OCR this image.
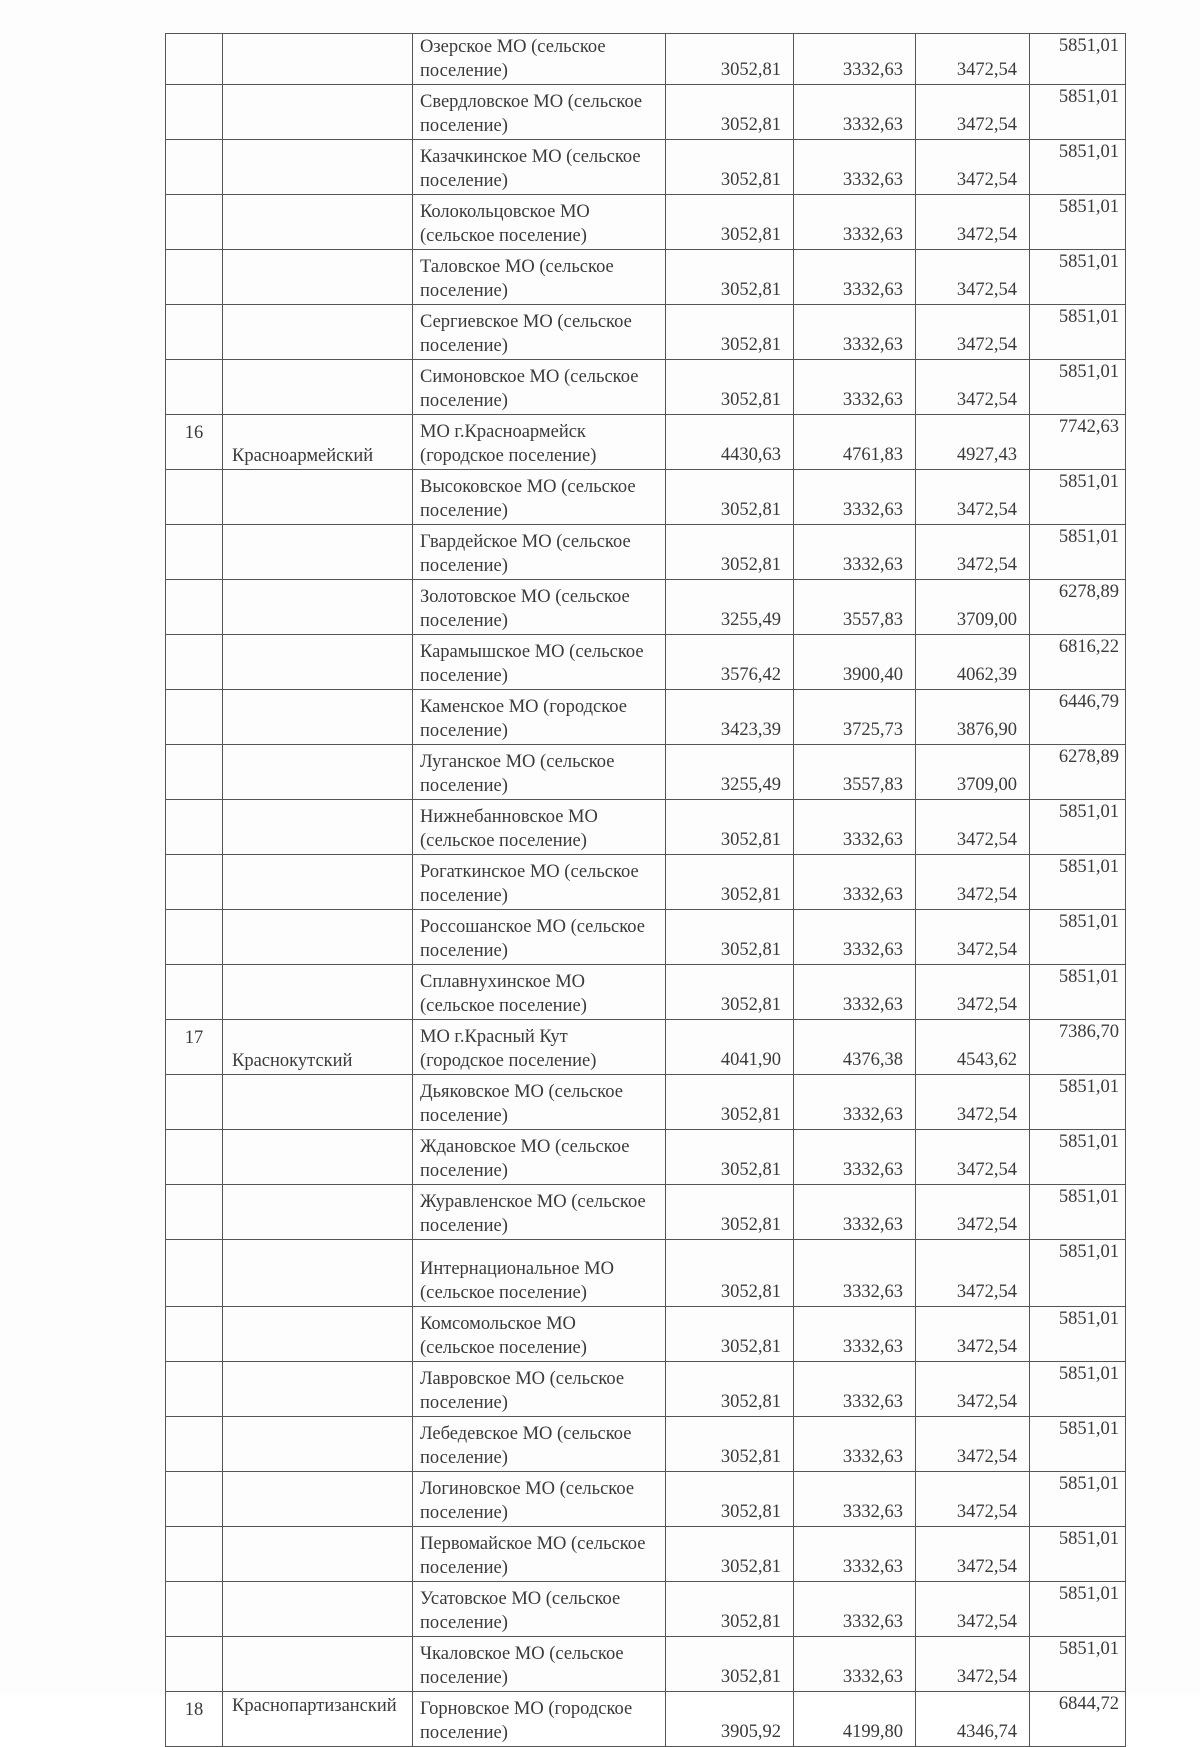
		Озерское МО (сельское поселение)	3052,81	3332,63	3472,54	5851,01

		Свердловское МО (сельское поселение)	3052,81	3332,63	3472,54	5851,01

		Казачкинское МО (сельское поселение)	3052,81	3332,63	3472,54	5851,01

		Колокольцовское МО (сельское поселение)	3052,81	3332,63	3472,54	5851,01

		Таловское МО (сельское поселение)	3052,81	3332,63	3472,54	5851,01

		Сергиевское МО (сельское поселение)	3052,81	3332,63	3472,54	5851,01

		Симоновское МО (сельское поселение)	3052,81	3332,63	3472,54	5851,01
16	Красноармейский	МО г.Красноармейск (городское поселение)	4430,63	4761,83	4927,43	7742,63

		Высоковское МО (сельское поселение)	3052,81	3332,63	3472,54	5851,01

		Гвардейское МО (сельское поселение)	3052,81	3332,63	3472,54	5851,01

		Золотовское МО (сельское поселение)	3255,49	3557,83	3709,00	6278,89

		Карамышское МО (сельское поселение)	3576,42	3900,40	4062,39	6816,22

		Каменское МО (городское поселение)	3423,39	3725,73	3876,90	6446,79

		Луганское МО (сельское поселение)	3255,49	3557,83	3709,00	6278,89

		Нижнебанновское МО (сельское поселение)	3052,81	3332,63	3472,54	5851,01

		Рогаткинское МО (сельское поселение)	3052,81	3332,63	3472,54	5851,01

		Россошанское МО (сельское поселение)	3052,81	3332,63	3472,54	5851,01

		Сплавнухинское МО (сельское поселение)	3052,81	3332,63	3472,54	5851,01
17	Краснокутский	МО г.Красный Кут (городское поселение)	4041,90	4376,38	4543,62	7386,70

		Дьяковское МО (сельское поселение)	3052,81	3332,63	3472,54	5851,01

		Ждановское МО (сельское поселение)	3052,81	3332,63	3472,54	5851,01

		Журавленское МО (сельское поселение)	3052,81	3332,63	3472,54	5851,01

		Интернациональное МО (сельское поселение)	3052,81	3332,63	3472,54	5851,01

		Комсомольское МО (сельское поселение)	3052,81	3332,63	3472,54	5851,01

		Лавровское МО (сельское поселение)	3052,81	3332,63	3472,54	5851,01

		Лебедевское МО (сельское поселение)	3052,81	3332,63	3472,54	5851,01

		Логиновское МО (сельское поселение)	3052,81	3332,63	3472,54	5851,01

		Первомайское МО (сельское поселение)	3052,81	3332,63	3472,54	5851,01

		Усатовское МО (сельское поселение)	3052,81	3332,63	3472,54	5851,01

		Чкаловское МО (сельское поселение)	3052,81	3332,63	3472,54	5851,01
18	Краснопартизанский	Горновское МО (городское поселение)	3905,92	4199,80	4346,74	6844,72
